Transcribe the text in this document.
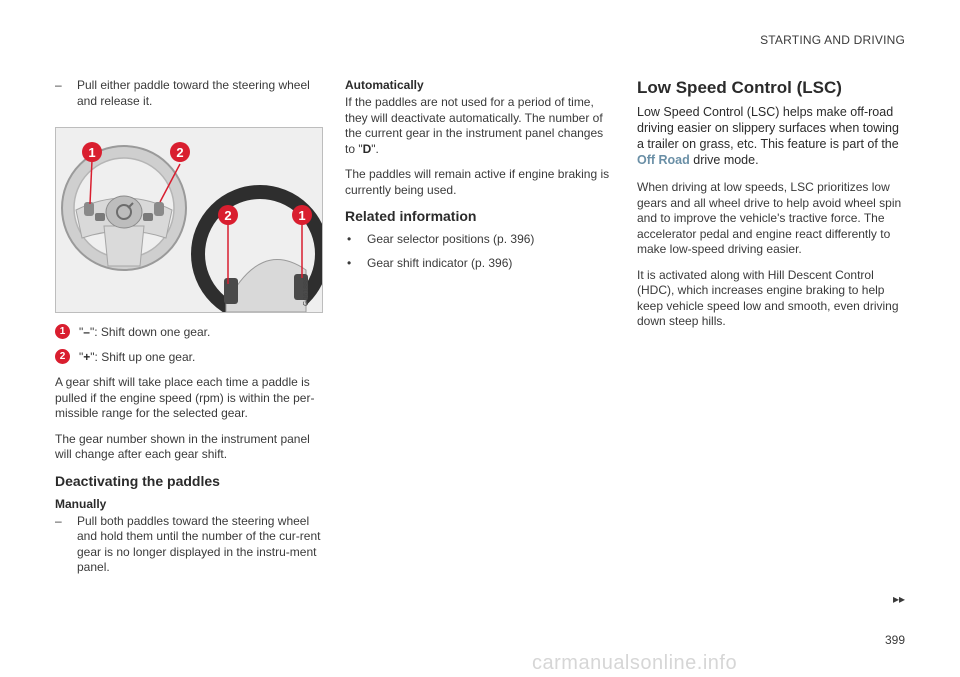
STARTING AND DRIVING
– Pull either paddle toward the steering wheel and release it.
1	2
2	1
G061889
1	"–": Shift down one gear.
2	"+": Shift up one gear.

A gear shift will take place each time a paddle is pulled if the engine speed (rpm) is within the per-missible range for the selected gear.

The gear number shown in the instrument panel will change after each gear shift.

Deactivating the paddles
Manually
– Pull both paddles toward the steering wheel and hold them until the number of the cur-rent gear is no longer displayed in the instru-ment panel.
Automatically

If the paddles are not used for a period of time, they will deactivate automatically. The number of the current gear in the instrument panel changes to "D".

The paddles will remain active if engine braking is currently being used.

Related information
• Gear selector positions (p. 396)
• Gear shift indicator (p. 396)
Low Speed Control (LSC)

Low Speed Control (LSC) helps make off-road driving easier on slippery surfaces when towing a trailer on grass, etc. This feature is part of the Off Road drive mode.

When driving at low speeds, LSC prioritizes low gears and all wheel drive to help avoid wheel spin and to improve the vehicle's tractive force. The accelerator pedal and engine react differently to make low-speed driving easier.

It is activated along with Hill Descent Control (HDC), which increases engine braking to help keep vehicle speed low and smooth, even driving down steep hills.

▸▸
399
carmanualsonline.info
